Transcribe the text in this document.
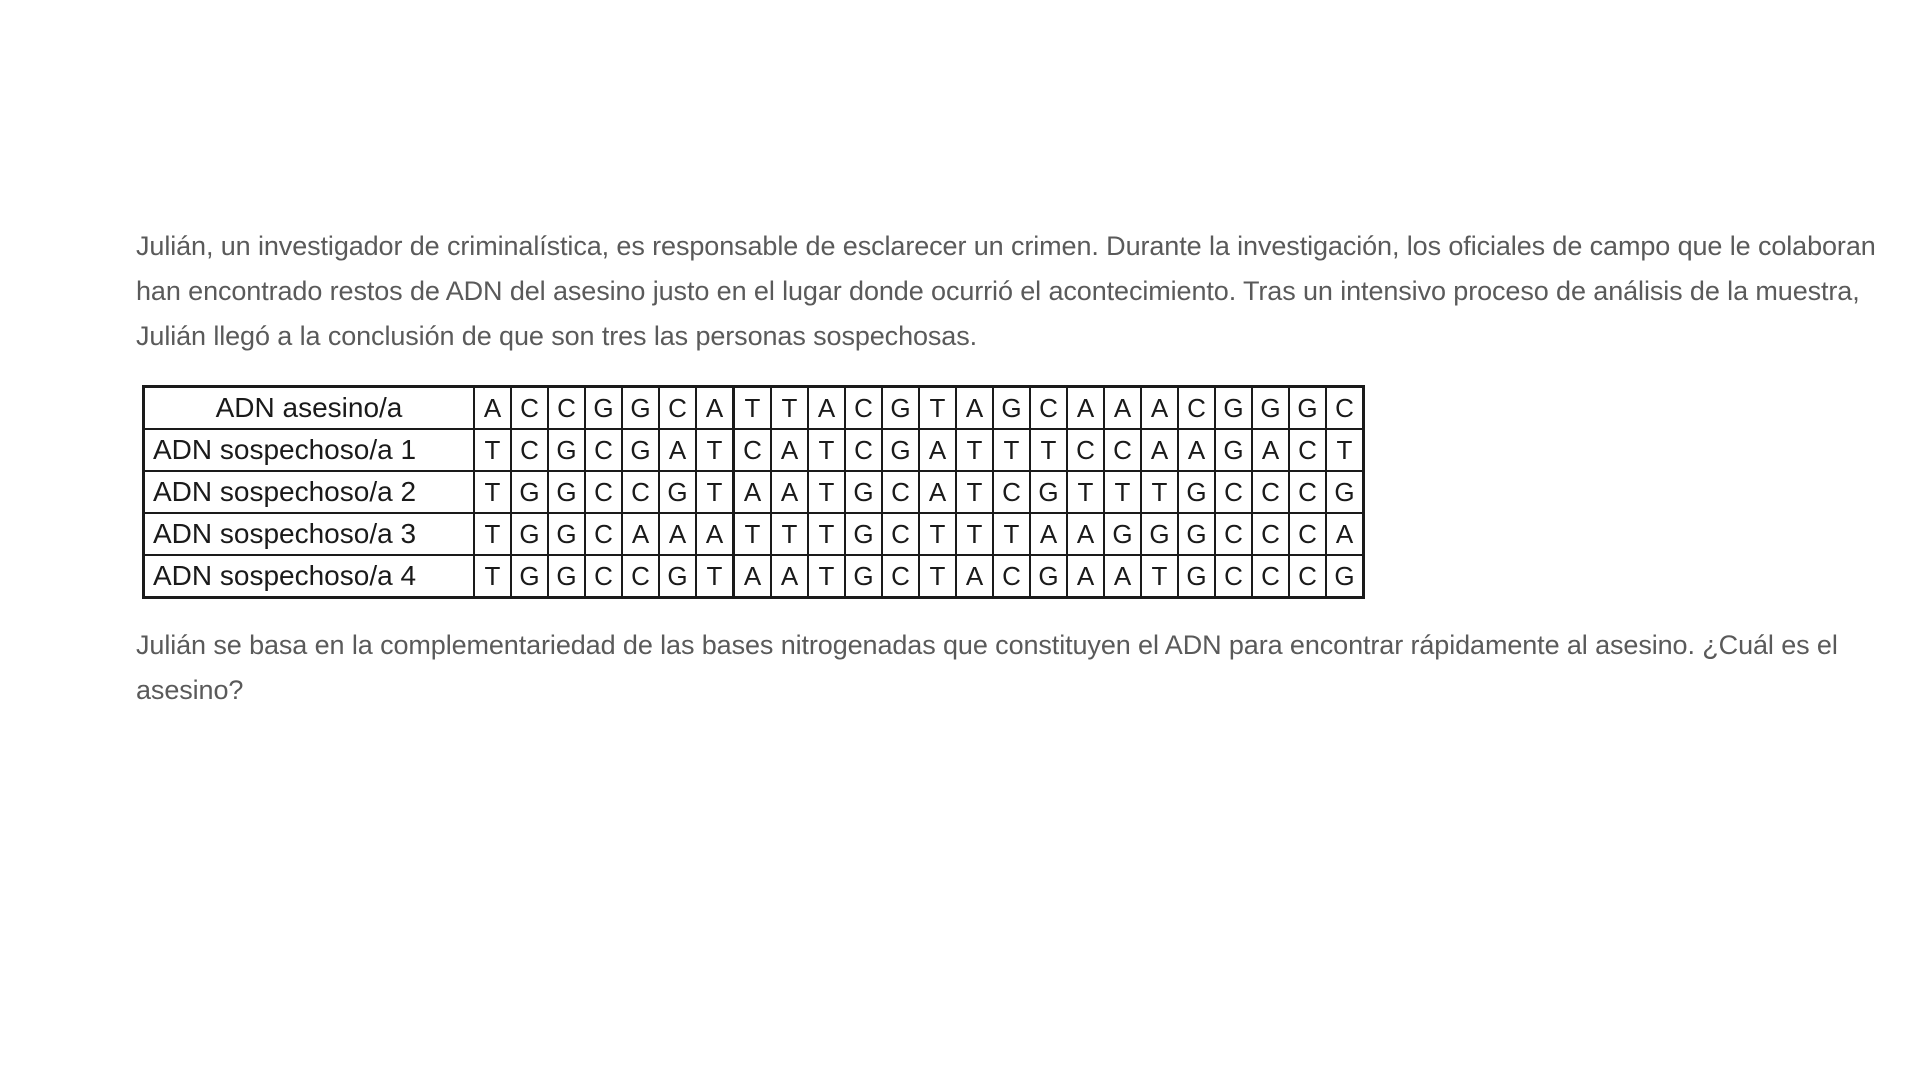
Julián, un investigador de criminalística, es responsable de esclarecer un crimen. Durante la investigación, los oficiales de campo que le colaboran han encontrado restos de ADN del asesino justo en el lugar donde ocurrió el acontecimiento. Tras un intensivo proceso de análisis de la muestra, Julián llegó a la conclusión de que son tres las personas sospechosas.

ADN asesino/a	A	C	C	G	G	C	A	T	T	A	C	G	T	A	G	C	A	A	A	C	G	G	G	C
ADN sospechoso/a 1	T	C	G	C	G	A	T	C	A	T	C	G	A	T	T	T	C	C	A	A	G	A	C	T
ADN sospechoso/a 2	T	G	G	C	C	G	T	A	A	T	G	C	A	T	C	G	T	T	T	G	C	C	C	G
ADN sospechoso/a 3	T	G	G	C	A	A	A	T	T	T	G	C	T	T	T	A	A	G	G	G	C	C	C	A
ADN sospechoso/a 4	T	G	G	C	C	G	T	A	A	T	G	C	T	A	C	G	A	A	T	G	C	C	C	G

Julián se basa en la complementariedad de las bases nitrogenadas que constituyen el ADN para encontrar rápidamente al asesino. ¿Cuál es el asesino?
